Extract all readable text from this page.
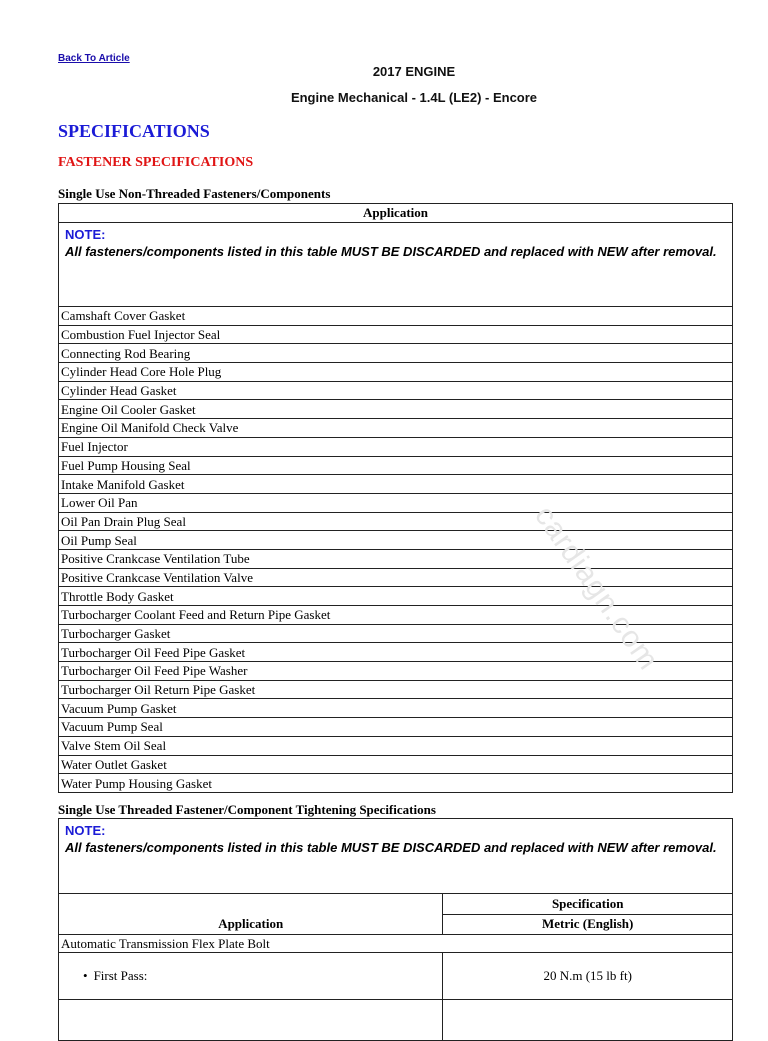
Back To Article
2017 ENGINE
Engine Mechanical - 1.4L (LE2) - Encore
SPECIFICATIONS
FASTENER SPECIFICATIONS
Single Use Non-Threaded Fasteners/Components
Application

NOTE:
All fasteners/components listed in this table MUST BE DISCARDED and replaced with NEW after removal.

Camshaft Cover Gasket
Combustion Fuel Injector Seal
Connecting Rod Bearing
Cylinder Head Core Hole Plug
Cylinder Head Gasket
Engine Oil Cooler Gasket
Engine Oil Manifold Check Valve
Fuel Injector
Fuel Pump Housing Seal
Intake Manifold Gasket
Lower Oil Pan
Oil Pan Drain Plug Seal
Oil Pump Seal
Positive Crankcase Ventilation Tube
Positive Crankcase Ventilation Valve
Throttle Body Gasket
Turbocharger Coolant Feed and Return Pipe Gasket
Turbocharger Gasket
Turbocharger Oil Feed Pipe Gasket
Turbocharger Oil Feed Pipe Washer
Turbocharger Oil Return Pipe Gasket
Vacuum Pump Gasket
Vacuum Pump Seal
Valve Stem Oil Seal
Water Outlet Gasket
Water Pump Housing Gasket
Single Use Threaded Fastener/Component Tightening Specifications
NOTE:
All fasteners/components listed in this table MUST BE DISCARDED and replaced with NEW after removal.	

Application	Specification
	Metric (English)
Automatic Transmission Flex Plate Bolt	
• First Pass:	20 N.m (15 lb ft)

cardiagn.com
